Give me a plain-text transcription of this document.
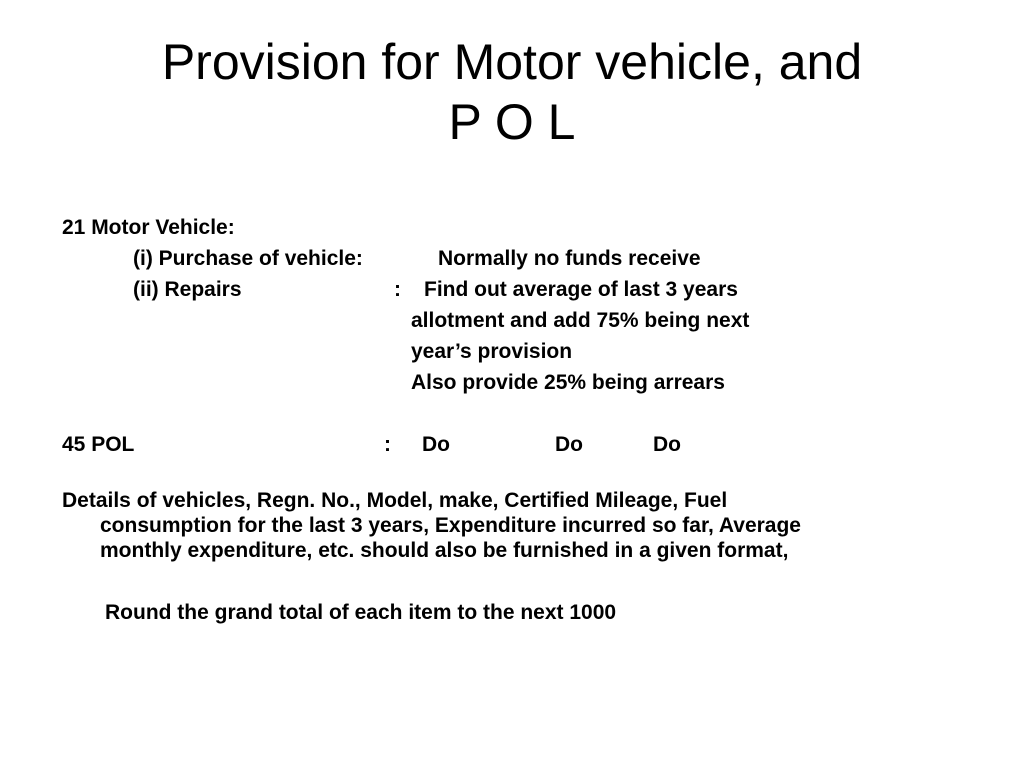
Provision for Motor vehicle, and
P O L
21 Motor Vehicle:
(i) Purchase of vehicle:	Normally no funds receive
(ii) Repairs	: Find out average of last 3 years
allotment and add 75% being next
year’s provision
Also provide 25% being arrears
45 POL	: Do	Do	Do
Details of vehicles, Regn. No., Model, make, Certified Mileage, Fuel
consumption for the last 3 years, Expenditure incurred so far, Average
monthly expenditure, etc. should also be furnished in a given format,
Round the grand total of each item to the next 1000
